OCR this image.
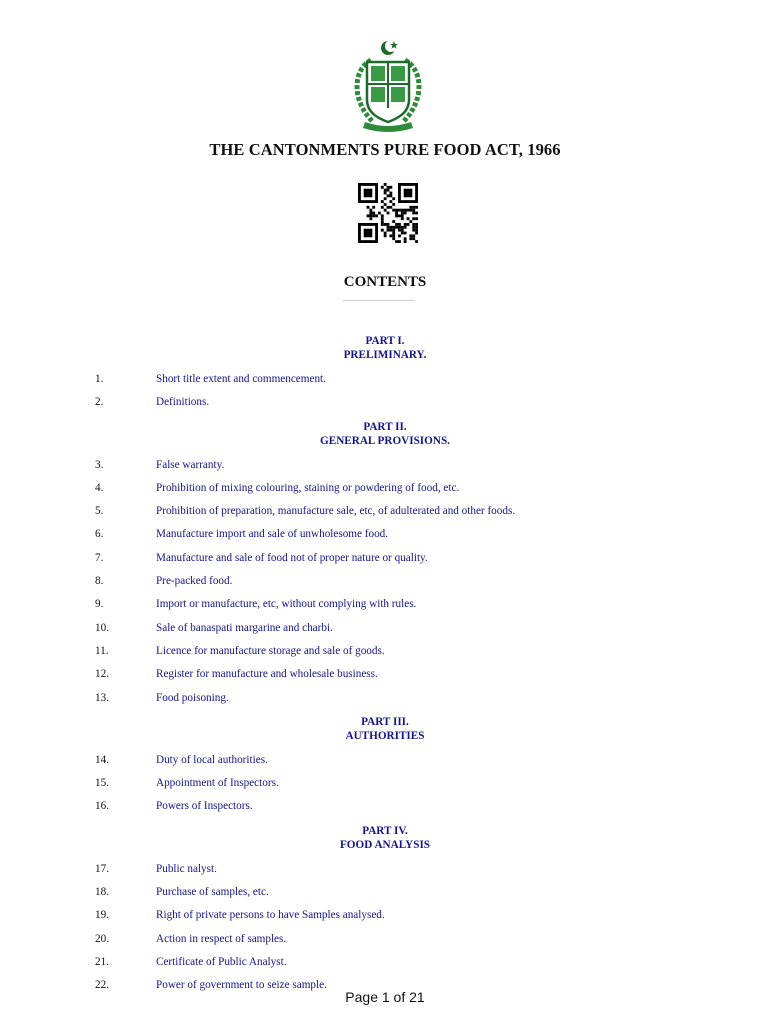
THE CANTONMENTS PURE FOOD ACT, 1966
CONTENTS
PART I.
PRELIMINARY.
1.	Short title extent and commencement.
2.	Definitions.
PART II.
GENERAL PROVISIONS.
3.	False warranty.
4.	Prohibition of mixing colouring, staining or powdering of food, etc.
5.	Prohibition of preparation, manufacture sale, etc, of adulterated and other foods.
6.	Manufacture import and sale of unwholesome food.
7.	Manufacture and sale of food not of proper nature or quality.
8.	Pre-packed food.
9.	Import or manufacture, etc, without complying with rules.
10.	Sale of banaspati margarine and charbi.
11.	Licence for manufacture storage and sale of goods.
12.	Register for manufacture and wholesale business.
13.	Food poisoning.
PART III.
AUTHORITIES
14.	Duty of local authorities.
15.	Appointment of Inspectors.
16.	Powers of Inspectors.
PART IV.
FOOD ANALYSIS
17.	Public nalyst.
18.	Purchase of samples, etc.
19.	Right of private persons to have Samples analysed.
20.	Action in respect of samples.
21.	Certificate of Public Analyst.
22.	Power of government to seize sample.
Page 1 of 21
